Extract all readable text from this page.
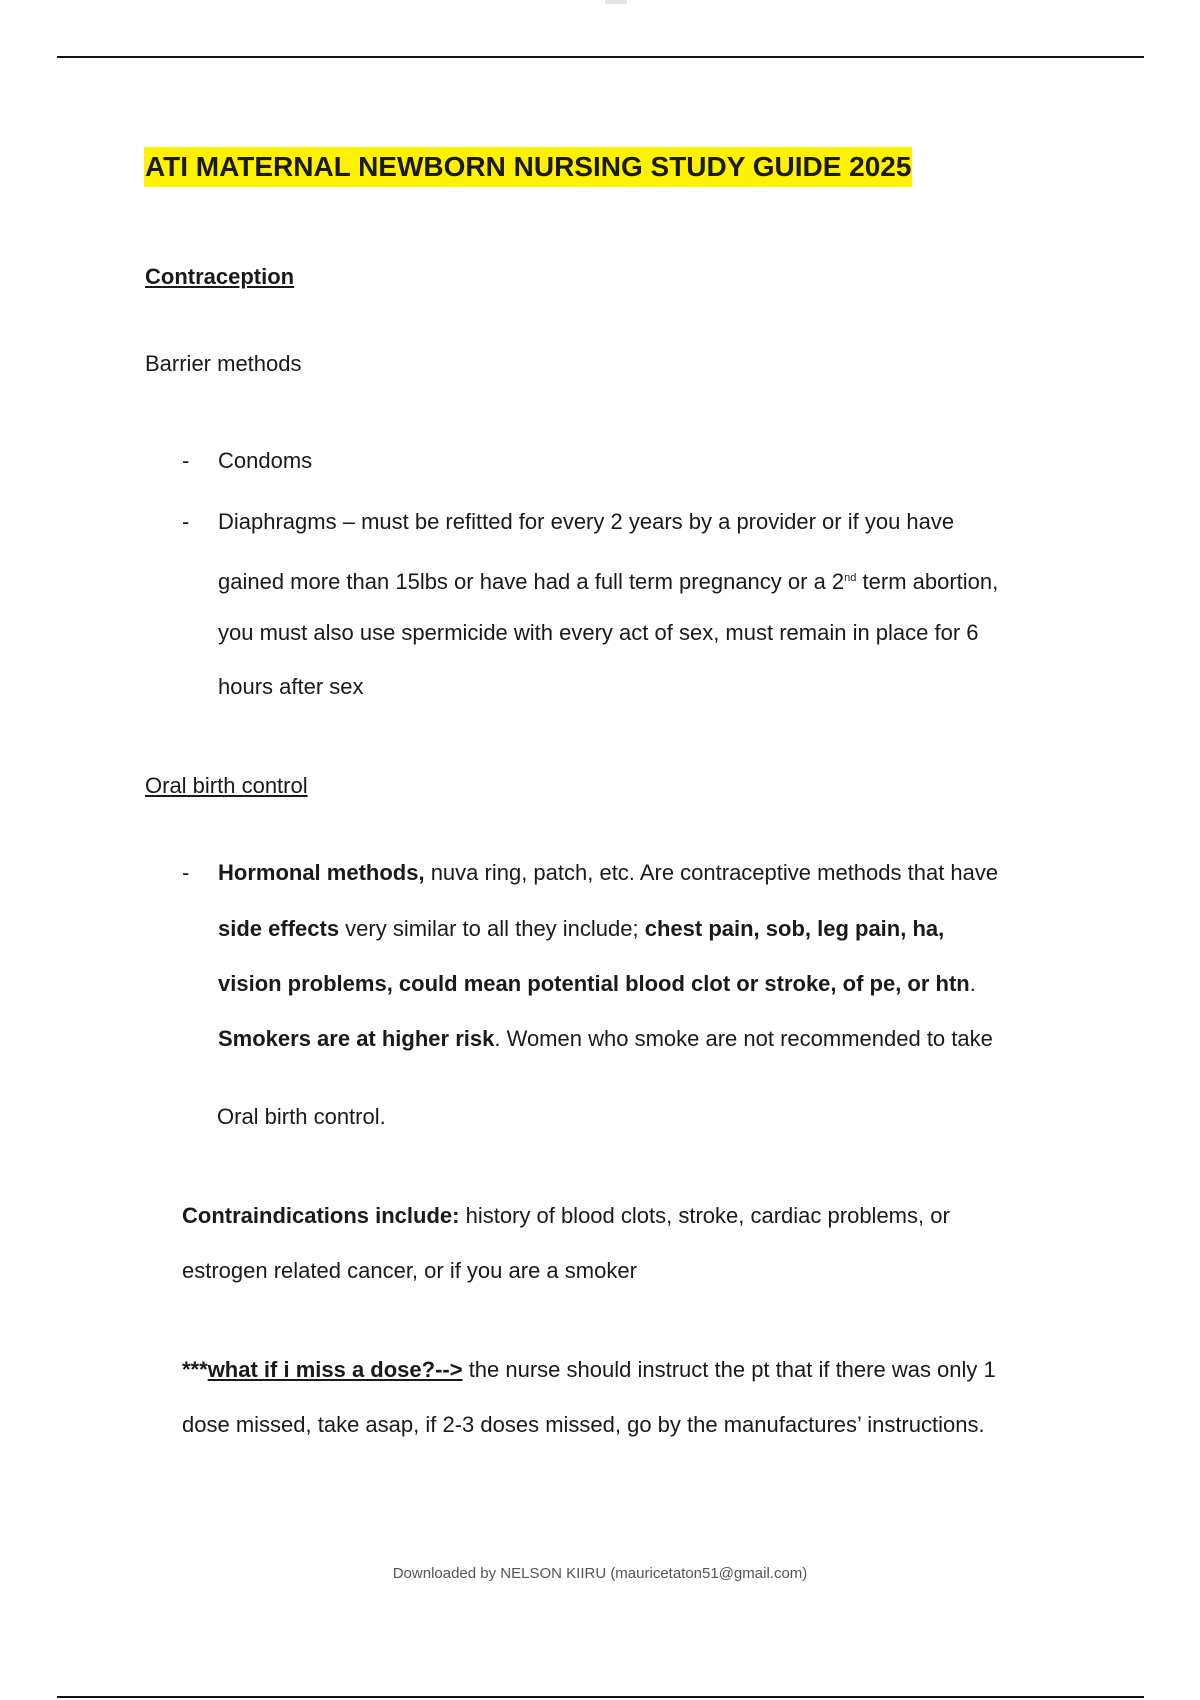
ATI MATERNAL NEWBORN NURSING STUDY GUIDE 2025
Contraception
Barrier methods
- Condoms
- Diaphragms – must be refitted for every 2 years by a provider or if you have
gained more than 15lbs or have had a full term pregnancy or a 2nd term abortion,
you must also use spermicide with every act of sex, must remain in place for 6
hours after sex
Oral birth control
- Hormonal methods, nuva ring, patch, etc. Are contraceptive methods that have
side effects very similar to all they include; chest pain, sob, leg pain, ha,
vision problems, could mean potential blood clot or stroke, of pe, or htn.
Smokers are at higher risk. Women who smoke are not recommended to take
Oral birth control.
Contraindications include: history of blood clots, stroke, cardiac problems, or
estrogen related cancer, or if you are a smoker
***what if i miss a dose?--> the nurse should instruct the pt that if there was only 1
dose missed, take asap, if 2-3 doses missed, go by the manufactures’ instructions.
Downloaded by NELSON KIIRU (mauricetaton51@gmail.com)
